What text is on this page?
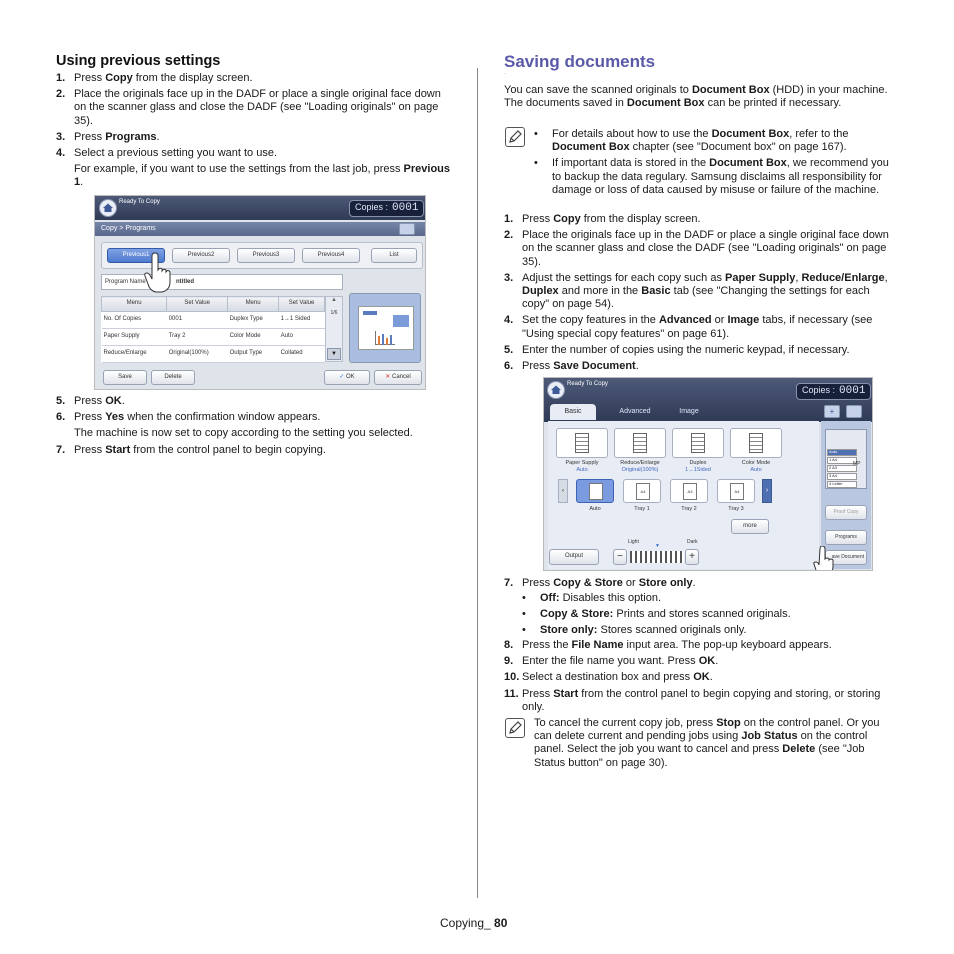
Using previous settings
1. Press Copy from the display screen.
2. Place the originals face up in the DADF or place a single original face down on the scanner glass and close the DADF (see "Loading originals" on page 35).
3. Press Programs.
4. Select a previous setting you want to use.
For example, if you want to use the settings from the last job, press Previous 1.
Ready To Copy	Copies : 0001
Copy > Programs
Previous1	Previous2	Previous3	Previous4	List
Program Name	ntitled
Menu	Set Value	Menu	Set Value
No. Of Copies	0001	Duplex Type	1→1 Sided
Paper Supply	Tray 2	Color Mode	Auto
Reduce/Enlarge	Original(100%)	Output Type	Collated
▲
1/6
▼
Save	Delete	✓ OK	✕ Cancel
5. Press OK.
6. Press Yes when the confirmation window appears.
The machine is now set to copy according to the setting you selected.
7. Press Start from the control panel to begin copying.
Saving documents
·

You can save the scanned originals to Document Box (HDD) in your machine. The documents saved in Document Box can be printed if necessary.

•	For details about how to use the Document Box, refer to the Document Box chapter (see "Document box" on page 167).
•	If important data is stored in the Document Box, we recommend you to backup the data regulary. Samsung disclaims all responsibility for damage or loss of data caused by misuse or failure of the machine.
1. Press Copy from the display screen.
2. Place the originals face up in the DADF or place a single original face down on the scanner glass and close the DADF (see "Loading originals" on page 35).
3. Adjust the settings for each copy such as Paper Supply, Reduce/Enlarge, Duplex and more in the Basic tab (see "Changing the settings for each copy" on page 54).
4. Set the copy features in the Advanced or Image tabs, if necessary (see "Using special copy features" on page 61).
5. Enter the number of copies using the numeric keypad, if necessary.
6. Press Save Document.
Ready To Copy
Copies : 0001
Basic	Advanced	Image	+
Paper Supply
Auto
Reduce/Enlarge
Original(100%)
Duplex
1→1Sided
Color Mode
Auto
‹	›
Auto
A4
Tray 1
A3
Tray 2
A4
Tray 3
more
Light	Dark
▼
Output	−	+
Auto
1 A4
2 A3
3 A4
4 Letter
MP
Proof Copy
Programs
ave Document
7. Press Copy & Store or Store only.
•	Off: Disables this option.
•	Copy & Store: Prints and stores scanned originals.
•	Store only: Stores scanned originals only.
8. Press the File Name input area. The pop-up keyboard appears.
9. Enter the file name you want. Press OK.
10. Select a destination box and press OK.
11. Press Start from the control panel to begin copying and storing, or storing only.

To cancel the current copy job, press Stop on the control panel. Or you can delete current and pending jobs using Job Status on the control panel. Select the job you want to cancel and press Delete (see "Job Status button" on page 30).

Copying_ 80
